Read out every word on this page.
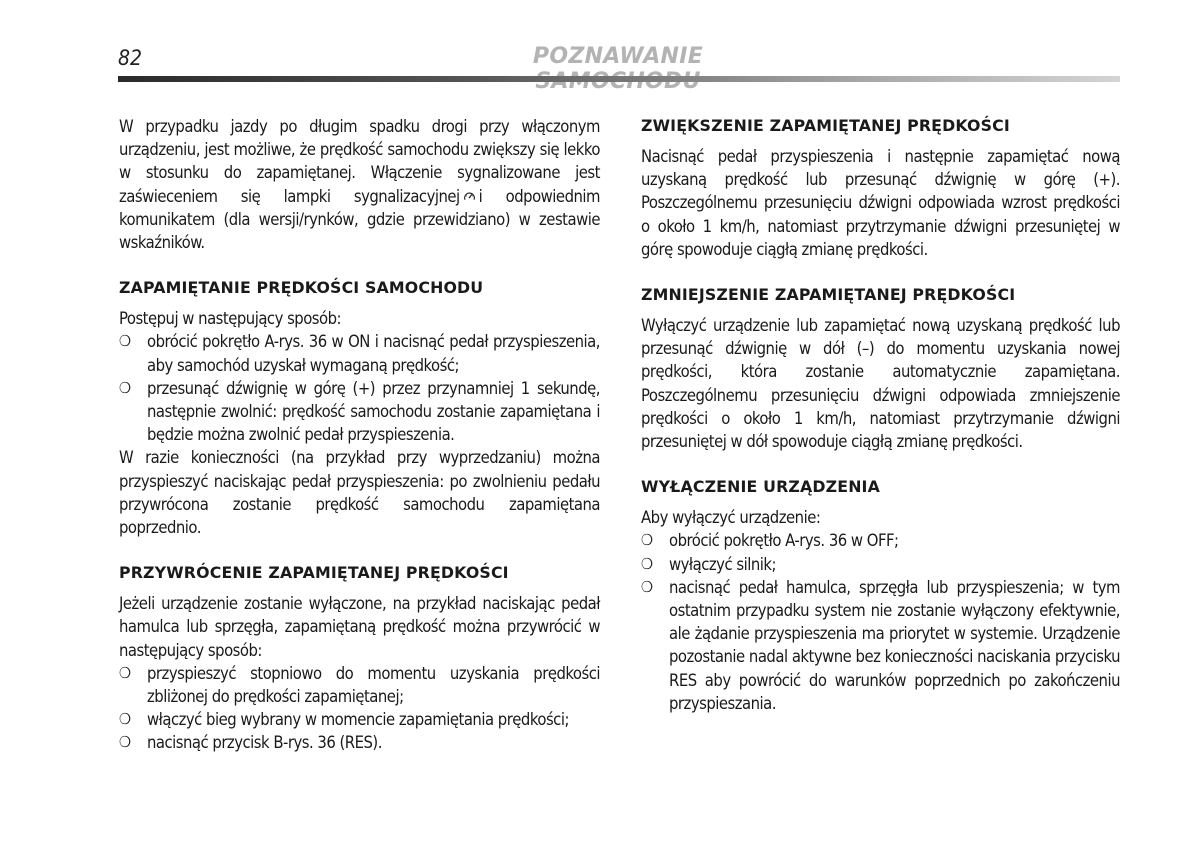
82	POZNAWANIE

W przypadku jazdy po długim spadku drogi przy włączonym urządzeniu, jest możliwe, że prędkość samochodu zwiększy się lekko w stosunku do zapamiętanej. Włączenie sygnalizowane jest zaświeceniem się lampki sygnalizacyjnej i odpowiednim komunikatem (dla wersji/rynków, gdzie przewidziano) w zestawie wskaźników.

ZAPAMIĘTANIE PRĘDKOŚCI SAMOCHODU

Postępuj w następujący sposób:

❍ obrócić pokrętło A-rys. 36 w ON i nacisnąć pedał przyspieszenia, aby samochód uzyskał wymaganą prędkość;
❍ przesunąć dźwignię w górę (+) przez przynamniej 1 sekundę, następnie zwolnić: prędkość samochodu zostanie zapamiętana i będzie można zwolnić pedał przyspieszenia.

W razie konieczności (na przykład przy wyprzedzaniu) można przyspieszyć naciskając pedał przyspieszenia: po zwolnieniu pedału przywrócona zostanie prędkość samochodu zapamiętana poprzednio.

PRZYWRÓCENIE ZAPAMIĘTANEJ PRĘDKOŚCI

Jeżeli urządzenie zostanie wyłączone, na przykład naciskając pedał hamulca lub sprzęgła, zapamiętaną prędkość można przywrócić w następujący sposób:

❍ przyspieszyć stopniowo do momentu uzyskania prędkości zbliżonej do prędkości zapamiętanej;
❍ włączyć bieg wybrany w momencie zapamiętania prędkości;
❍ nacisnąć przycisk B-rys. 36 (RES).
ZWIĘKSZENIE ZAPAMIĘTANEJ PRĘDKOŚCI

Nacisnąć pedał przyspieszenia i następnie zapamiętać nową uzyskaną prędkość lub przesunąć dźwignię w górę (+). Poszczególnemu przesunięciu dźwigni odpowiada wzrost prędkości o około 1 km/h, natomiast przytrzymanie dźwigni przesuniętej w górę spowoduje ciągłą zmianę prędkości.

ZMNIEJSZENIE ZAPAMIĘTANEJ PRĘDKOŚCI

Wyłączyć urządzenie lub zapamiętać nową uzyskaną prędkość lub przesunąć dźwignię w dół (–) do momentu uzyskania nowej prędkości, która zostanie automatycznie zapamiętana. Poszczególnemu przesunięciu dźwigni odpowiada zmniejszenie prędkości o około 1 km/h, natomiast przytrzymanie dźwigni przesuniętej w dół spowoduje ciągłą zmianę prędkości.

WYŁĄCZENIE URZĄDZENIA

Aby wyłączyć urządzenie:

❍ obrócić pokrętło A-rys. 36 w OFF;
❍ wyłączyć silnik;
❍ nacisnąć pedał hamulca, sprzęgła lub przyspieszenia; w tym ostatnim przypadku system nie zostanie wyłączony efektywnie, ale żądanie przyspieszenia ma priorytet w systemie. Urządzenie pozostanie nadal aktywne bez konieczności naciskania przycisku RES aby powrócić do warunków poprzednich po zakończeniu przyspieszania.
